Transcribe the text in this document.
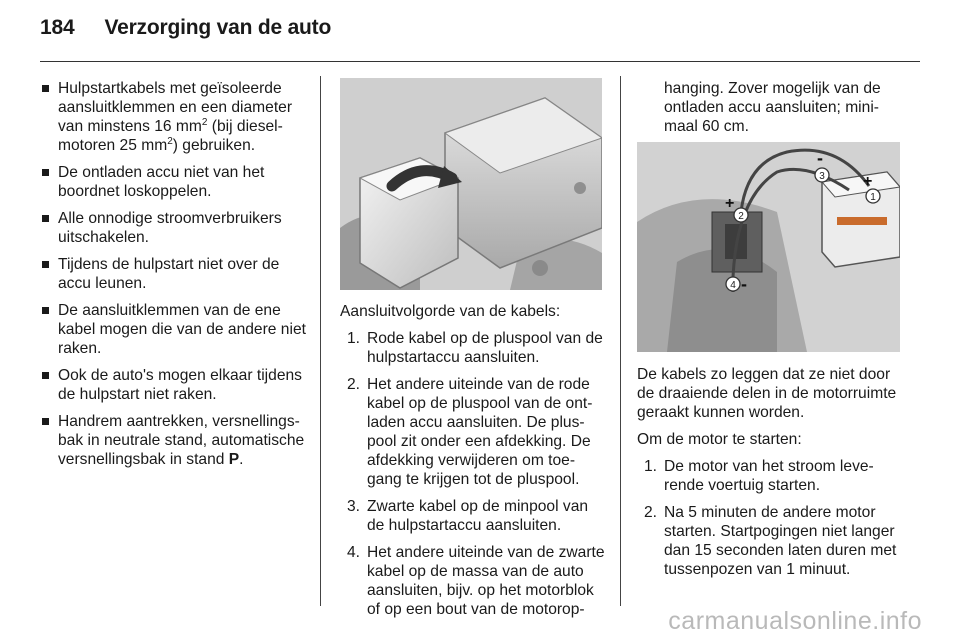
184 Verzorging van de auto
Hulpstartkabels met geïsoleerde aansluitklemmen en een diameter van minstens 16 $mm^2$ (bij diesel-motoren 25 $mm^2$) gebruiken.
De ontladen accu niet van het boordnet loskoppelen.
Alle onnodige stroomverbruikers uitschakelen.
Tijdens de hulpstart niet over de accu leunen.
De aansluitklemmen van de ene kabel mogen die van de andere niet raken.
Ook de auto's mogen elkaar tijdens de hulpstart niet raken.
Handrem aantrekken, versnellings-bak in neutrale stand, automatische versnellingsbak in stand P.
Aansluitvolgorde van de kabels:
1. Rode kabel op de pluspool van de hulpstartaccu aansluiten.
2. Het andere uiteinde van de rode kabel op de pluspool van de ont-laden accu aansluiten. De plus-pool zit onder een afdekking. De afdekking verwijderen om toe-gang te krijgen tot de pluspool.
3. Zwarte kabel op de minpool van de hulpstartaccu aansluiten.
4. Het andere uiteinde van de zwarte kabel op de massa van de auto aansluiten, bijv. op het motorblok of op een bout van de motorop-
hanging. Zover mogelijk van de ontladen accu aansluiten; mini-maal 60 cm.
1
2
3
4
+
+
-
-
De kabels zo leggen dat ze niet door de draaiende delen in de motorruimte geraakt kunnen worden.
Om de motor te starten:
1. De motor van het stroom leve-rende voertuig starten.
2. Na 5 minuten de andere motor starten. Startpogingen niet langer dan 15 seconden laten duren met tussenpozen van 1 minuut.
carmanualsonline.info
